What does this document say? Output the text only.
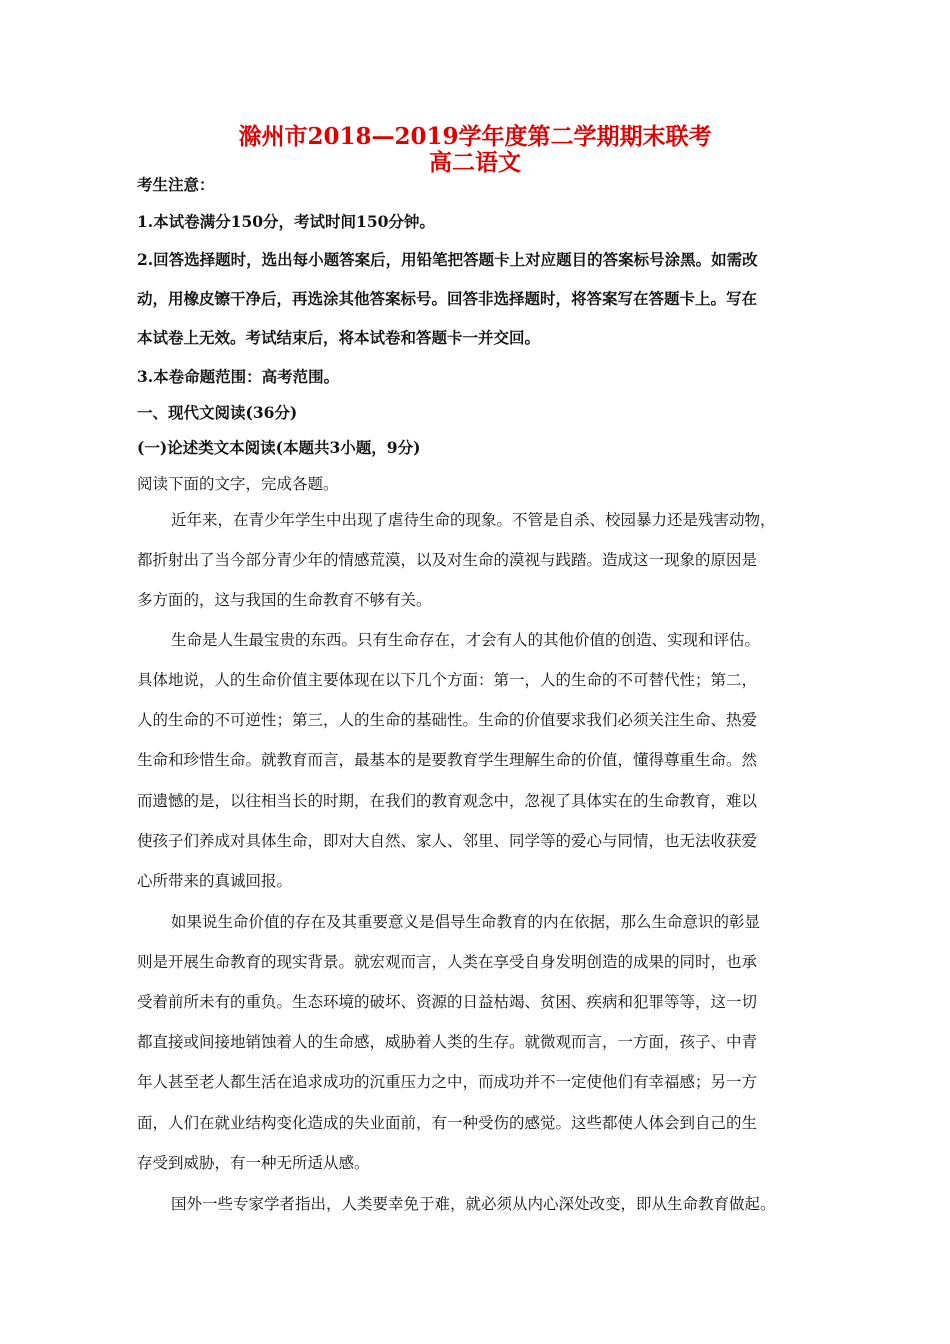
滁州市2018—2019学年度第二学期期末联考
高二语文
考生注意：
1.本试卷满分150分，考试时间150分钟。
2.回答选择题时，选出每小题答案后，用铅笔把答题卡上对应题目的答案标号涂黑。如需改
动，用橡皮镲干净后，再选涂其他答案标号。回答非选择题时，将答案写在答题卡上。写在
本试卷上无效。考试结束后，将本试卷和答题卡一并交回。
3.本卷命题范围：高考范围。
一、现代文阅读(36分)
(一)论述类文本阅读(本题共3小题，9分)
阅读下面的文字，完成各题。
近年来，在青少年学生中出现了虐待生命的现象。不管是自杀、校园暴力还是残害动物，
都折射出了当今部分青少年的情感荒漠，以及对生命的漠视与践踏。造成这一现象的原因是
多方面的，这与我国的生命教育不够有关。
生命是人生最宝贵的东西。只有生命存在，才会有人的其他价值的创造、实现和评估。
具体地说，人的生命价值主要体现在以下几个方面：第一，人的生命的不可替代性；第二，
人的生命的不可逆性；第三，人的生命的基础性。生命的价值要求我们必须关注生命、热爱
生命和珍惜生命。就教育而言，最基本的是要教育学生理解生命的价值，懂得尊重生命。然
而遗憾的是，以往相当长的时期，在我们的教育观念中，忽视了具体实在的生命教育，难以
使孩子们养成对具体生命，即对大自然、家人、邻里、同学等的爱心与同情，也无法收获爱
心所带来的真诚回报。
如果说生命价值的存在及其重要意义是倡导生命教育的内在依据，那么生命意识的彰显
则是开展生命教育的现实背景。就宏观而言，人类在享受自身发明创造的成果的同时，也承
受着前所未有的重负。生态环境的破坏、资源的日益枯竭、贫困、疾病和犯罪等等，这一切
都直接或间接地销蚀着人的生命感，威胁着人类的生存。就微观而言，一方面，孩子、中青
年人甚至老人都生活在追求成功的沉重压力之中，而成功并不一定使他们有幸福感；另一方
面，人们在就业结构变化造成的失业面前，有一种受伤的感觉。这些都使人体会到自己的生
存受到威胁，有一种无所适从感。
国外一些专家学者指出，人类要幸免于难，就必须从内心深处改变，即从生命教育做起。
